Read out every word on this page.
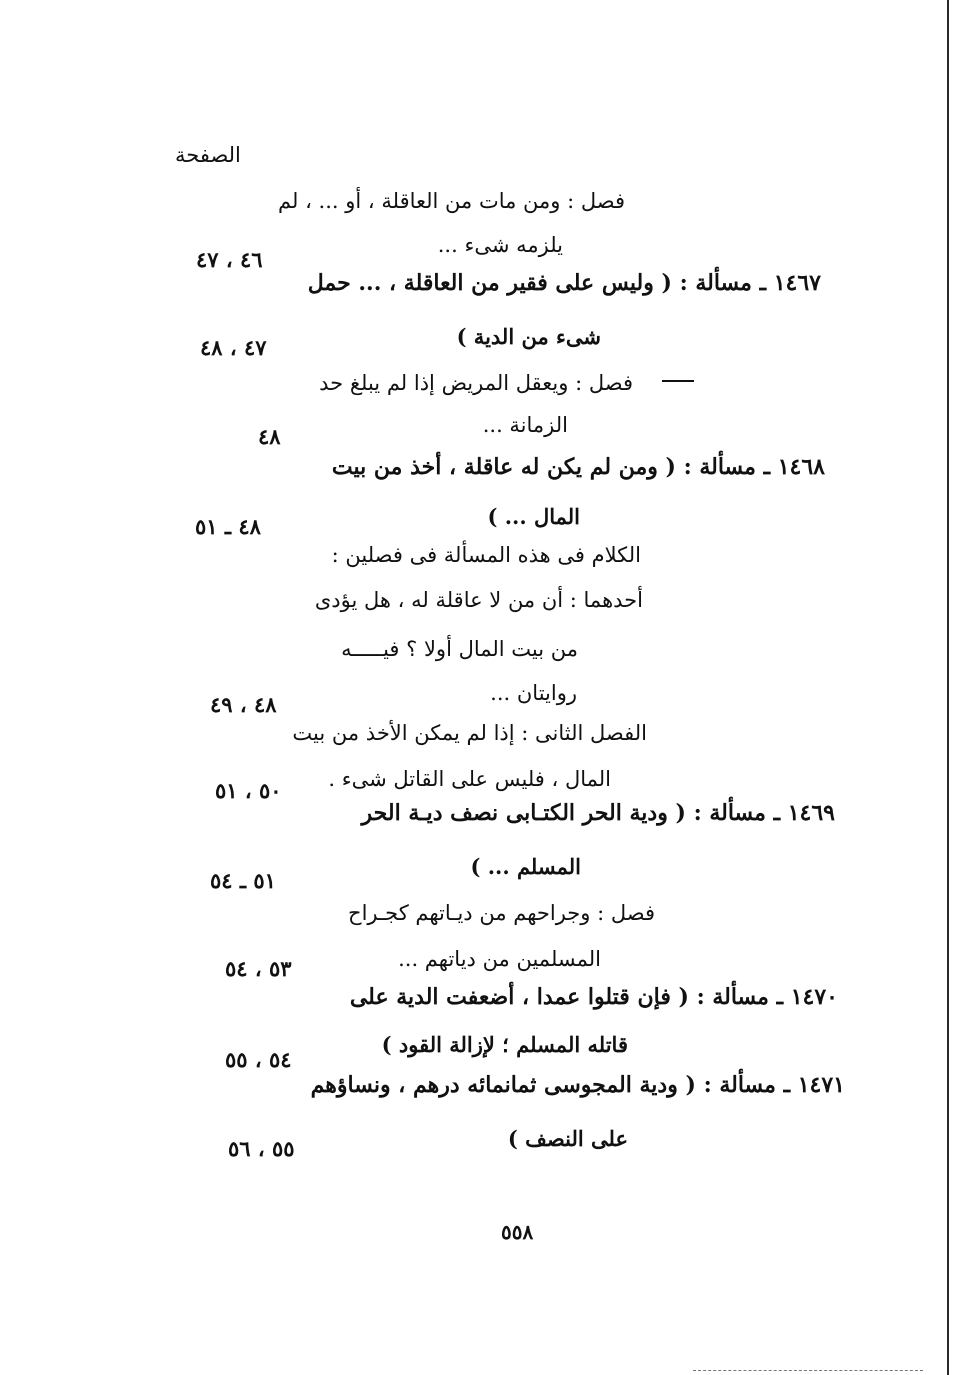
الصفحة
فصل : ومن مات من العاقلة ، أو ... ، لم
يلزمه شىء ...
٤٦ ، ٤٧
١٤٦٧ ـ مسألة : ( وليس على فقير من العاقلة ، ... حمل
شىء من الدية )
٤٧ ، ٤٨
فصل : ويعقل المريض إذا لم يبلغ حد
الزمانة ...
٤٨
١٤٦٨ ـ مسألة : ( ومن لم يكن له عاقلة ، أخذ من بيت
المال ... )
٤٨ ـ ٥١
الكلام فى هذه المسألة فى فصلين :
أحدهما : أن من لا عاقلة له ، هل يؤدى
من بيت المال أولا ؟ فيـــــه
روايتان ...
٤٨ ، ٤٩
الفصل الثانى : إذا لم يمكن الأخذ من بيت
المال ، فليس على القاتل شىء .
٥٠ ، ٥١
١٤٦٩ ـ مسألة : ( ودية الحر الكتـابى نصف ديـة الحر
المسلم ... )
٥١ ـ ٥٤
فصل : وجراحهم من ديـاتهم كجـراح
المسلمين من دياتهم ...
٥٣ ، ٥٤
١٤٧٠ ـ مسألة : ( فإن قتلوا عمدا ، أضعفت الدية على
قاتله المسلم ؛ لإزالة القود )
٥٤ ، ٥٥
١٤٧١ ـ مسألة : ( ودية المجوسى ثمانمائه درهم ، ونساؤهم
على النصف )
٥٥ ، ٥٦
٥٥٨
